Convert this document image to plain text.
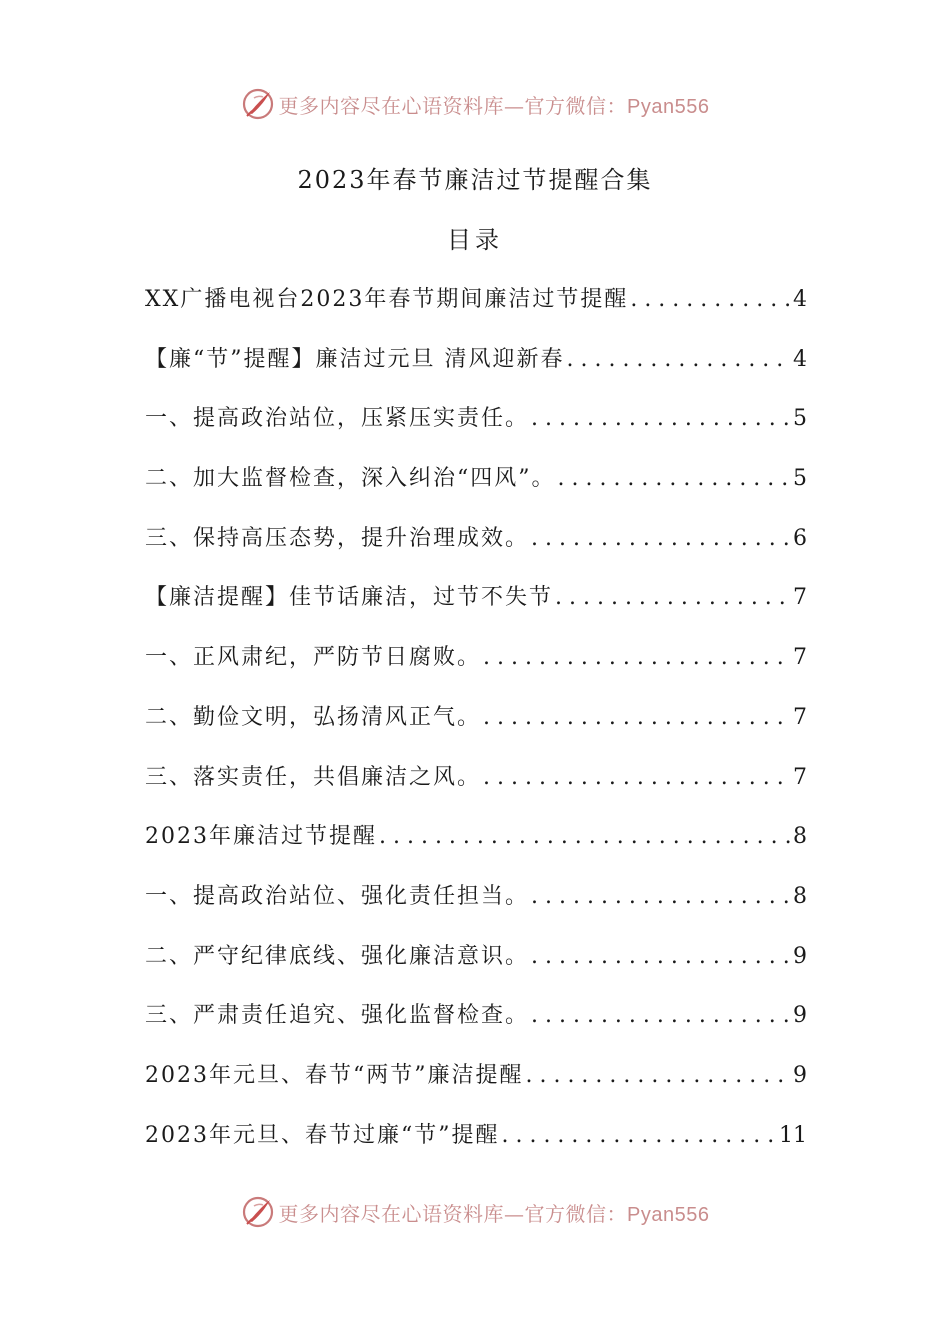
更多内容尽在心语资料库—官方微信：Pyan556
2023年春节廉洁过节提醒合集
目录
XX广播电视台2023年春节期间廉洁过节提醒 . . .	4
【廉“节”提醒】廉洁过元旦 清风迎新春 . . .	4
一、提高政治站位，压紧压实责任。 . . .	5
二、加大监督检查，深入纠治“四风”。 . . .	5
三、保持高压态势，提升治理成效。 . . .	6
【廉洁提醒】佳节话廉洁，过节不失节 . . .	7
一、正风肃纪，严防节日腐败。 . . .	7
二、勤俭文明，弘扬清风正气。 . . .	7
三、落实责任，共倡廉洁之风。 . . .	7
2023年廉洁过节提醒 . . .	8
一、提高政治站位、强化责任担当。 . . .	8
二、严守纪律底线、强化廉洁意识。 . . .	9
三、严肃责任追究、强化监督检查。 . . .	9
2023年元旦、春节“两节”廉洁提醒 . . .	9
2023年元旦、春节过廉“节”提醒 . . .	11
更多内容尽在心语资料库—官方微信：Pyan556
